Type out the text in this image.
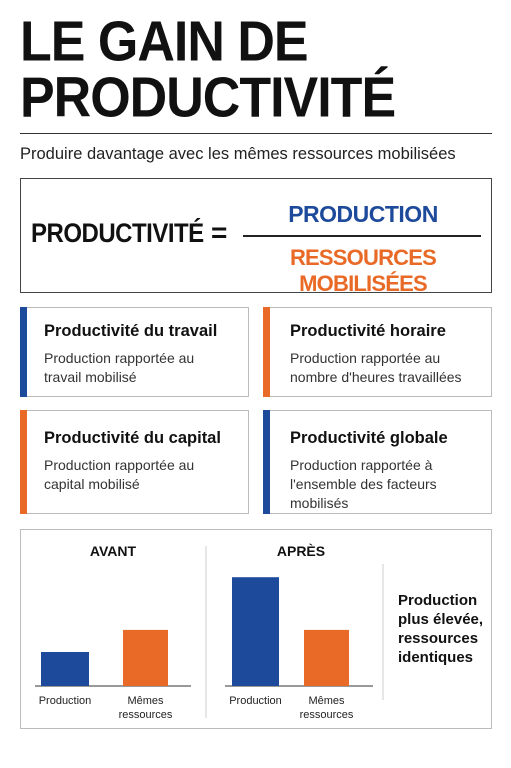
LE GAIN DE PRODUCTIVITÉ
Produire davantage avec les mêmes ressources mobilisées
PRODUCTIVITÉ =
PRODUCTION
RESSOURCES MOBILISÉES
Productivité du travail
Production rapportée au travail mobilisé
Productivité horaire
Production rapportée au nombre d'heures travaillées
Productivité du capital
Production rapportée au capital mobilisé
Productivité globale
Production rapportée à l'ensemble des facteurs mobilisés
AVANT
Production	Mêmes
ressources
APRÈS
Production Mêmes
ressources
Production plus élevée, ressources identiques
